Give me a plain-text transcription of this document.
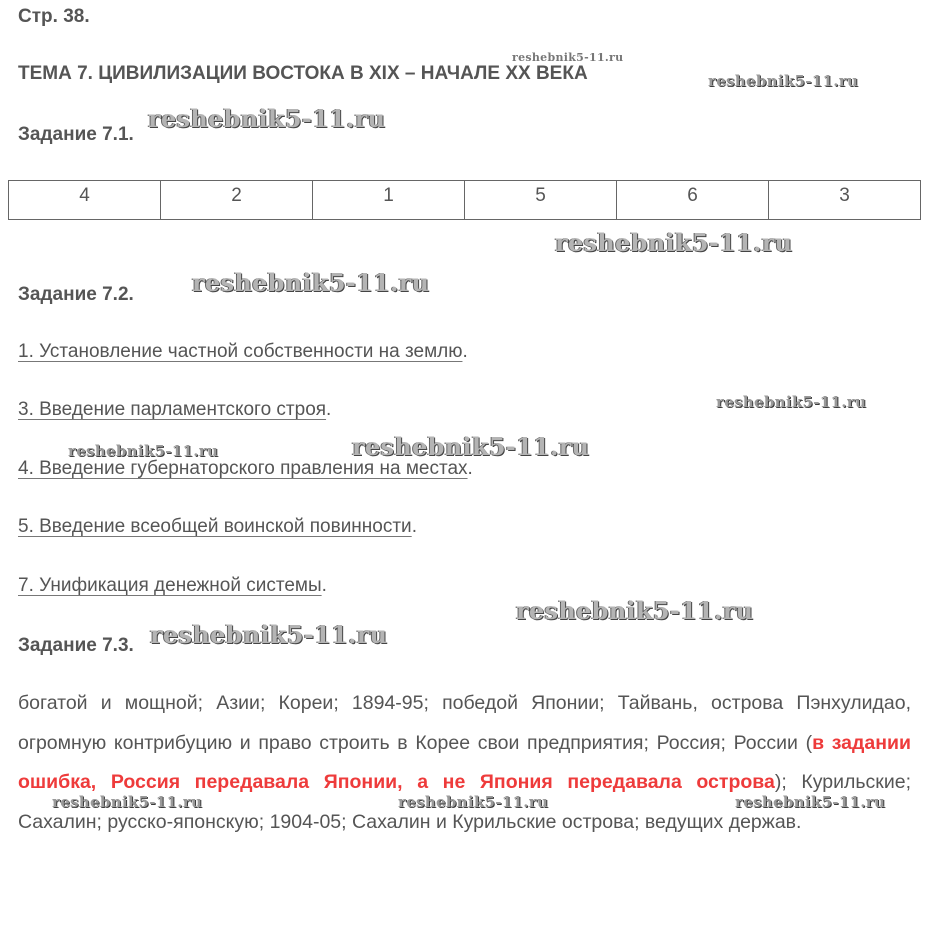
Стр. 38.
ТЕМА 7. ЦИВИЛИЗАЦИИ ВОСТОКА В XIX – НАЧАЛЕ XX ВЕКА
Задание 7.1.
4	2	1	5	6	3
Задание 7.2.
1. Установление частной собственности на землю.
3. Введение парламентского строя.
4. Введение губернаторского правления на местах.
5. Введение всеобщей воинской повинности.
7. Унификация денежной системы.
Задание 7.3.
богатой и мощной; Азии; Кореи; 1894-95; победой Японии; Тайвань, острова Пэнхулидао, огромную контрибуцию и право строить в Корее свои предприятия; Россия; России (в задании ошибка, Россия передавала Японии, а не Япония передавала острова); Курильские; Сахалин; русско-японскую; 1904-05; Сахалин и Курильские острова; ведущих держав.
reshebnik5-11.ru
reshebnik5-11.ru
reshebnik5-11.ru
reshebnik5-11.ru
reshebnik5-11.ru
reshebnik5-11.ru
reshebnik5-11.ru	reshebnik5-11.ru
reshebnik5-11.ru
reshebnik5-11.ru
reshebnik5-11.ru	reshebnik5-11.ru	reshebnik5-11.ru
